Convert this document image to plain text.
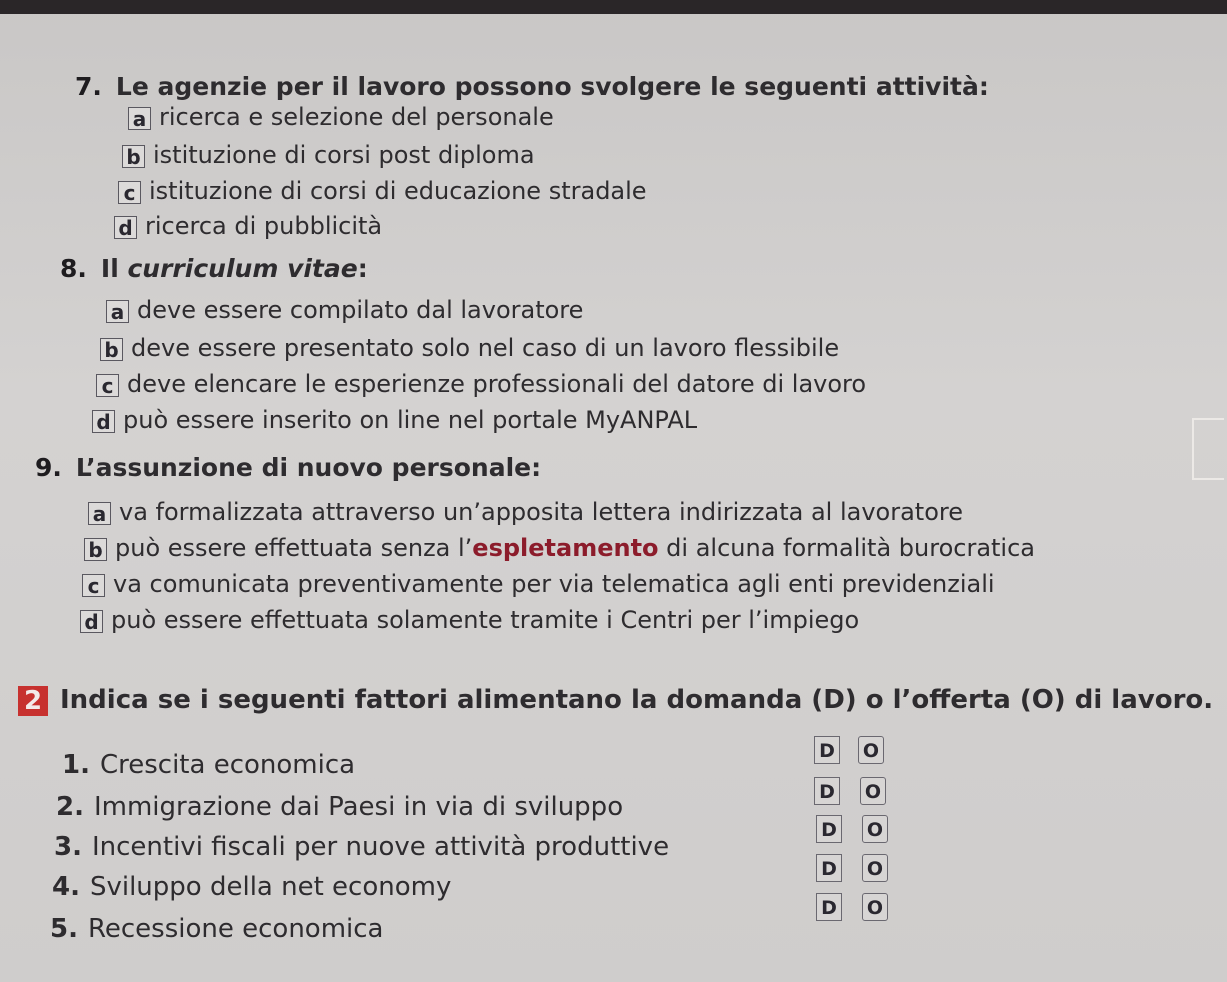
7. Le agenzie per il lavoro possono svolgere le seguenti attività:
a ricerca e selezione del personale
b istituzione di corsi post diploma
c istituzione di corsi di educazione stradale
d ricerca di pubblicità
8. Il curriculum vitae:
a deve essere compilato dal lavoratore
b deve essere presentato solo nel caso di un lavoro flessibile
c deve elencare le esperienze professionali del datore di lavoro
d può essere inserito on line nel portale MyANPAL
9. L’assunzione di nuovo personale:
a va formalizzata attraverso un’apposita lettera indirizzata al lavoratore
b può essere effettuata senza l’espletamento di alcuna formalità burocratica
c va comunicata preventivamente per via telematica agli enti previdenziali
d può essere effettuata solamente tramite i Centri per l’impiego
2 Indica se i seguenti fattori alimentano la domanda (D) o l’offerta (O) di lavoro.
1. Crescita economica
2. Immigrazione dai Paesi in via di sviluppo
3. Incentivi fiscali per nuove attività produttive
4. Sviluppo della net economy
5. Recessione economica
D O
D O
D O
D O
D O
